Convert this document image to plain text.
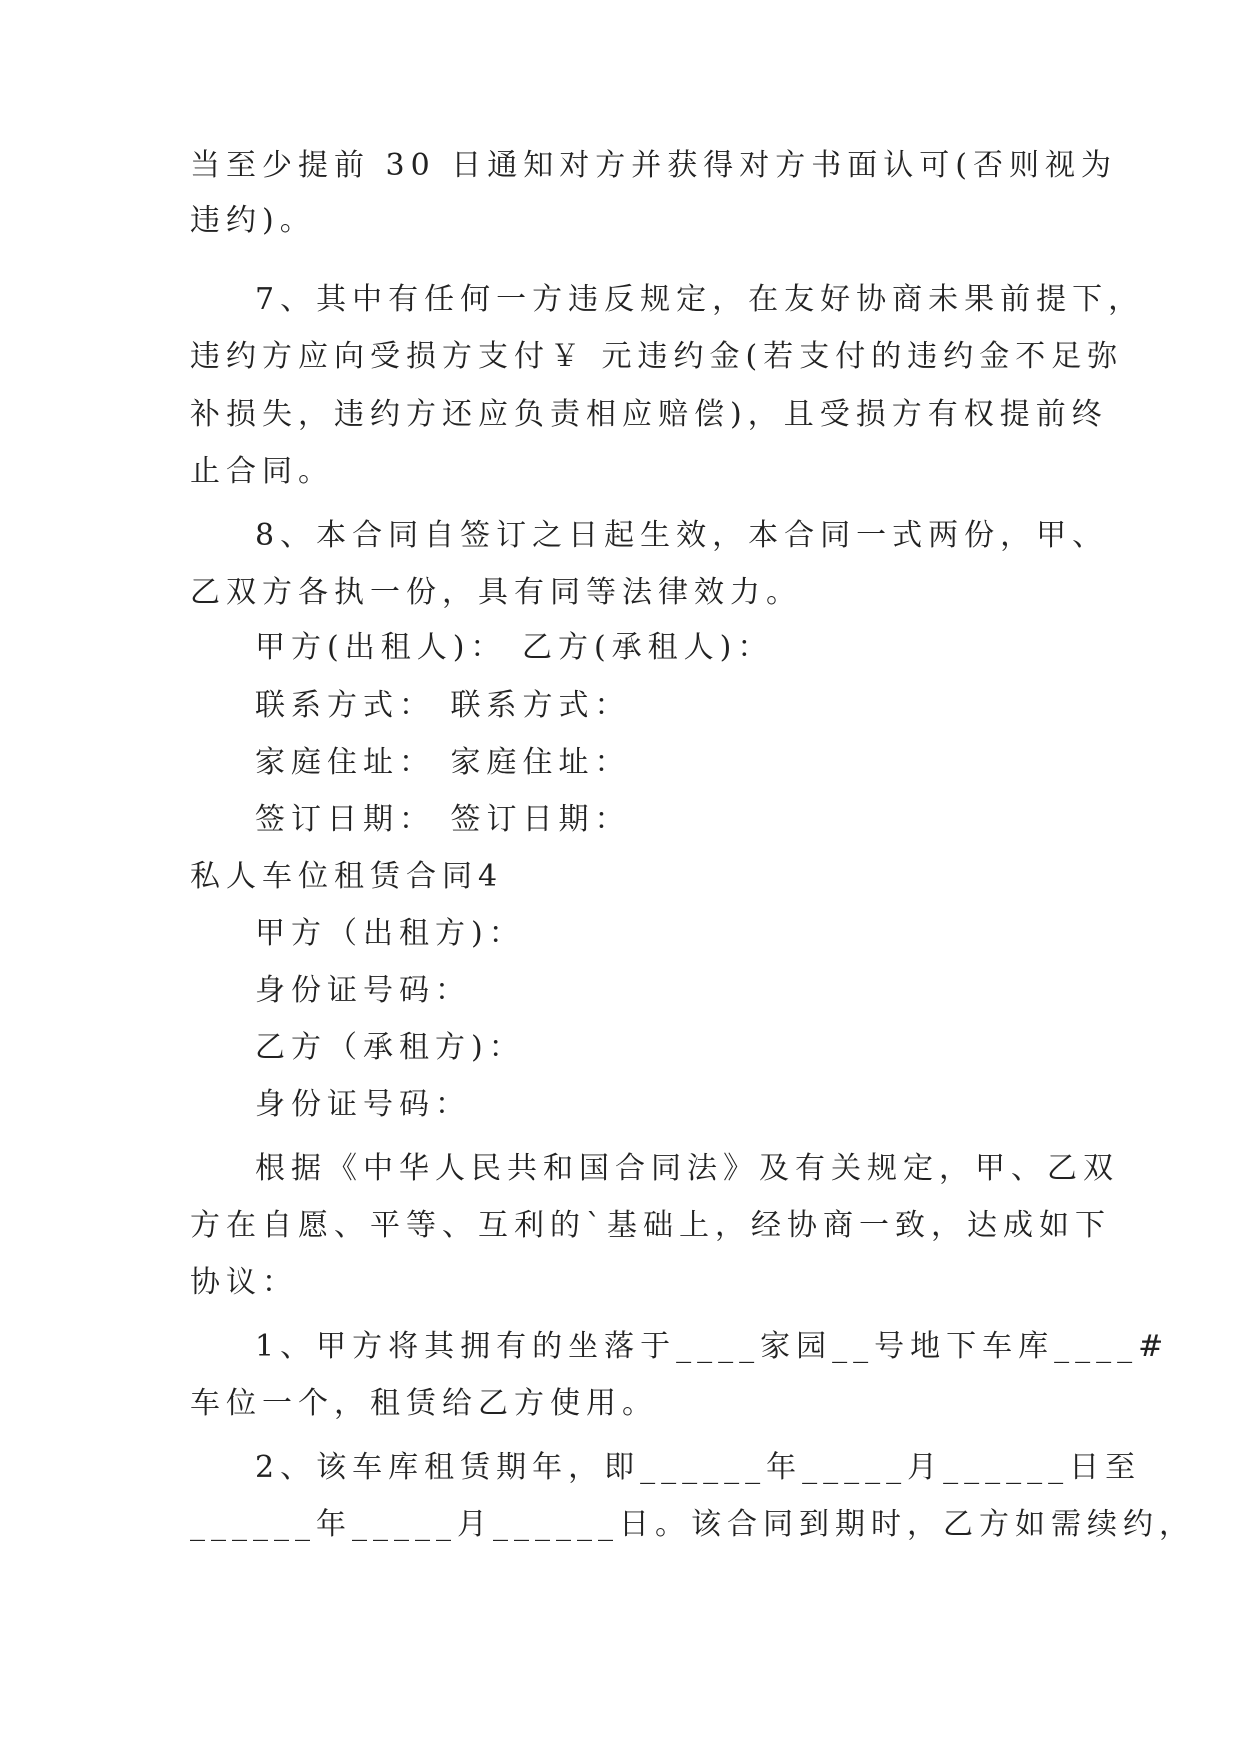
当至少提前 30 日通知对方并获得对方书面认可(否则视为
违约)。
7、其中有任何一方违反规定，在友好协商未果前提下，
违约方应向受损方支付￥ 元违约金(若支付的违约金不足弥
补损失，违约方还应负责相应赔偿)，且受损方有权提前终
止合同。
8、本合同自签订之日起生效，本合同一式两份，甲、
乙双方各执一份，具有同等法律效力。
甲方(出租人)： 乙方(承租人)：
联系方式： 联系方式：
家庭住址： 家庭住址：
签订日期： 签订日期：
私人车位租赁合同4
甲方（出租方)：
身份证号码：
乙方（承租方)：
身份证号码：
根据《中华人民共和国合同法》及有关规定，甲、乙双
方在自愿、平等、互利的`基础上，经协商一致，达成如下
协议：
1、甲方将其拥有的坐落于____家园__号地下车库____#
车位一个，租赁给乙方使用。
2、该车库租赁期年，即______年_____月______日至
______年_____月______日。该合同到期时，乙方如需续约，
